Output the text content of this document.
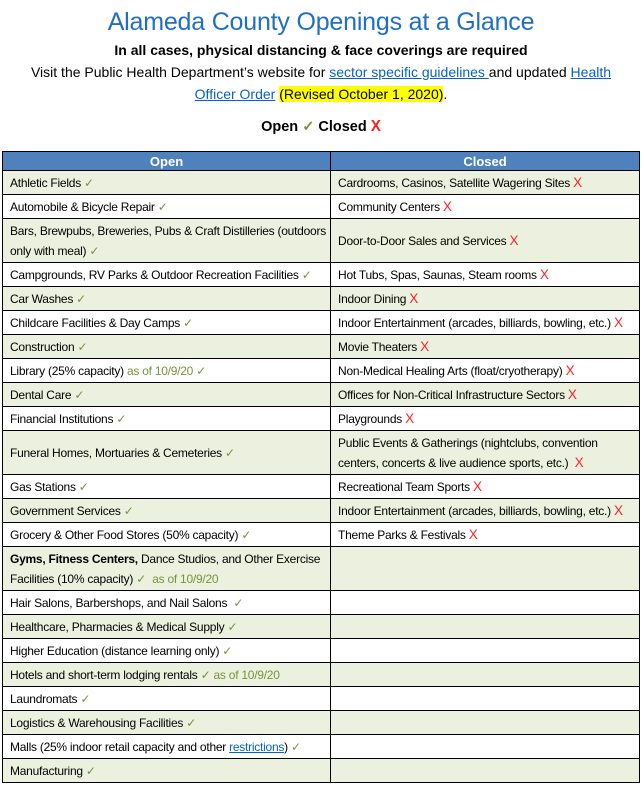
Alameda County Openings at a Glance
In all cases, physical distancing & face coverings are required
Visit the Public Health Department’s website for sector specific guidelines and updated Health
Officer Order (Revised October 1, 2020).
Open ✓ Closed X
Open	Closed
Athletic Fields ✓	Cardrooms, Casinos, Satellite Wagering Sites X
Automobile & Bicycle Repair ✓	Community Centers X
Bars, Brewpubs, Breweries, Pubs & Craft Distilleries (outdoors only with meal) ✓	Door-to-Door Sales and Services X
Campgrounds, RV Parks & Outdoor Recreation Facilities ✓	Hot Tubs, Spas, Saunas, Steam rooms X
Car Washes ✓	Indoor Dining X
Childcare Facilities & Day Camps ✓	Indoor Entertainment (arcades, billiards, bowling, etc.) X
Construction ✓	Movie Theaters X
Library (25% capacity) as of 10/9/20 ✓	Non-Medical Healing Arts (float/cryotherapy) X
Dental Care ✓	Offices for Non-Critical Infrastructure Sectors X
Financial Institutions ✓	Playgrounds X
Funeral Homes, Mortuaries & Cemeteries ✓	Public Events & Gatherings (nightclubs, convention centers, concerts & live audience sports, etc.)  X
Gas Stations ✓	Recreational Team Sports X
Government Services ✓	Indoor Entertainment (arcades, billiards, bowling, etc.) X
Grocery & Other Food Stores (50% capacity) ✓	Theme Parks & Festivals X
Gyms, Fitness Centers, Dance Studios, and Other Exercise Facilities (10% capacity) ✓  as of 10/9/20	
Hair Salons, Barbershops, and Nail Salons  ✓	
Healthcare, Pharmacies & Medical Supply ✓	
Higher Education (distance learning only) ✓	
Hotels and short-term lodging rentals ✓ as of 10/9/20	
Laundromats ✓	
Logistics & Warehousing Facilities ✓	
Malls (25% indoor retail capacity and other restrictions) ✓	
Manufacturing ✓	
